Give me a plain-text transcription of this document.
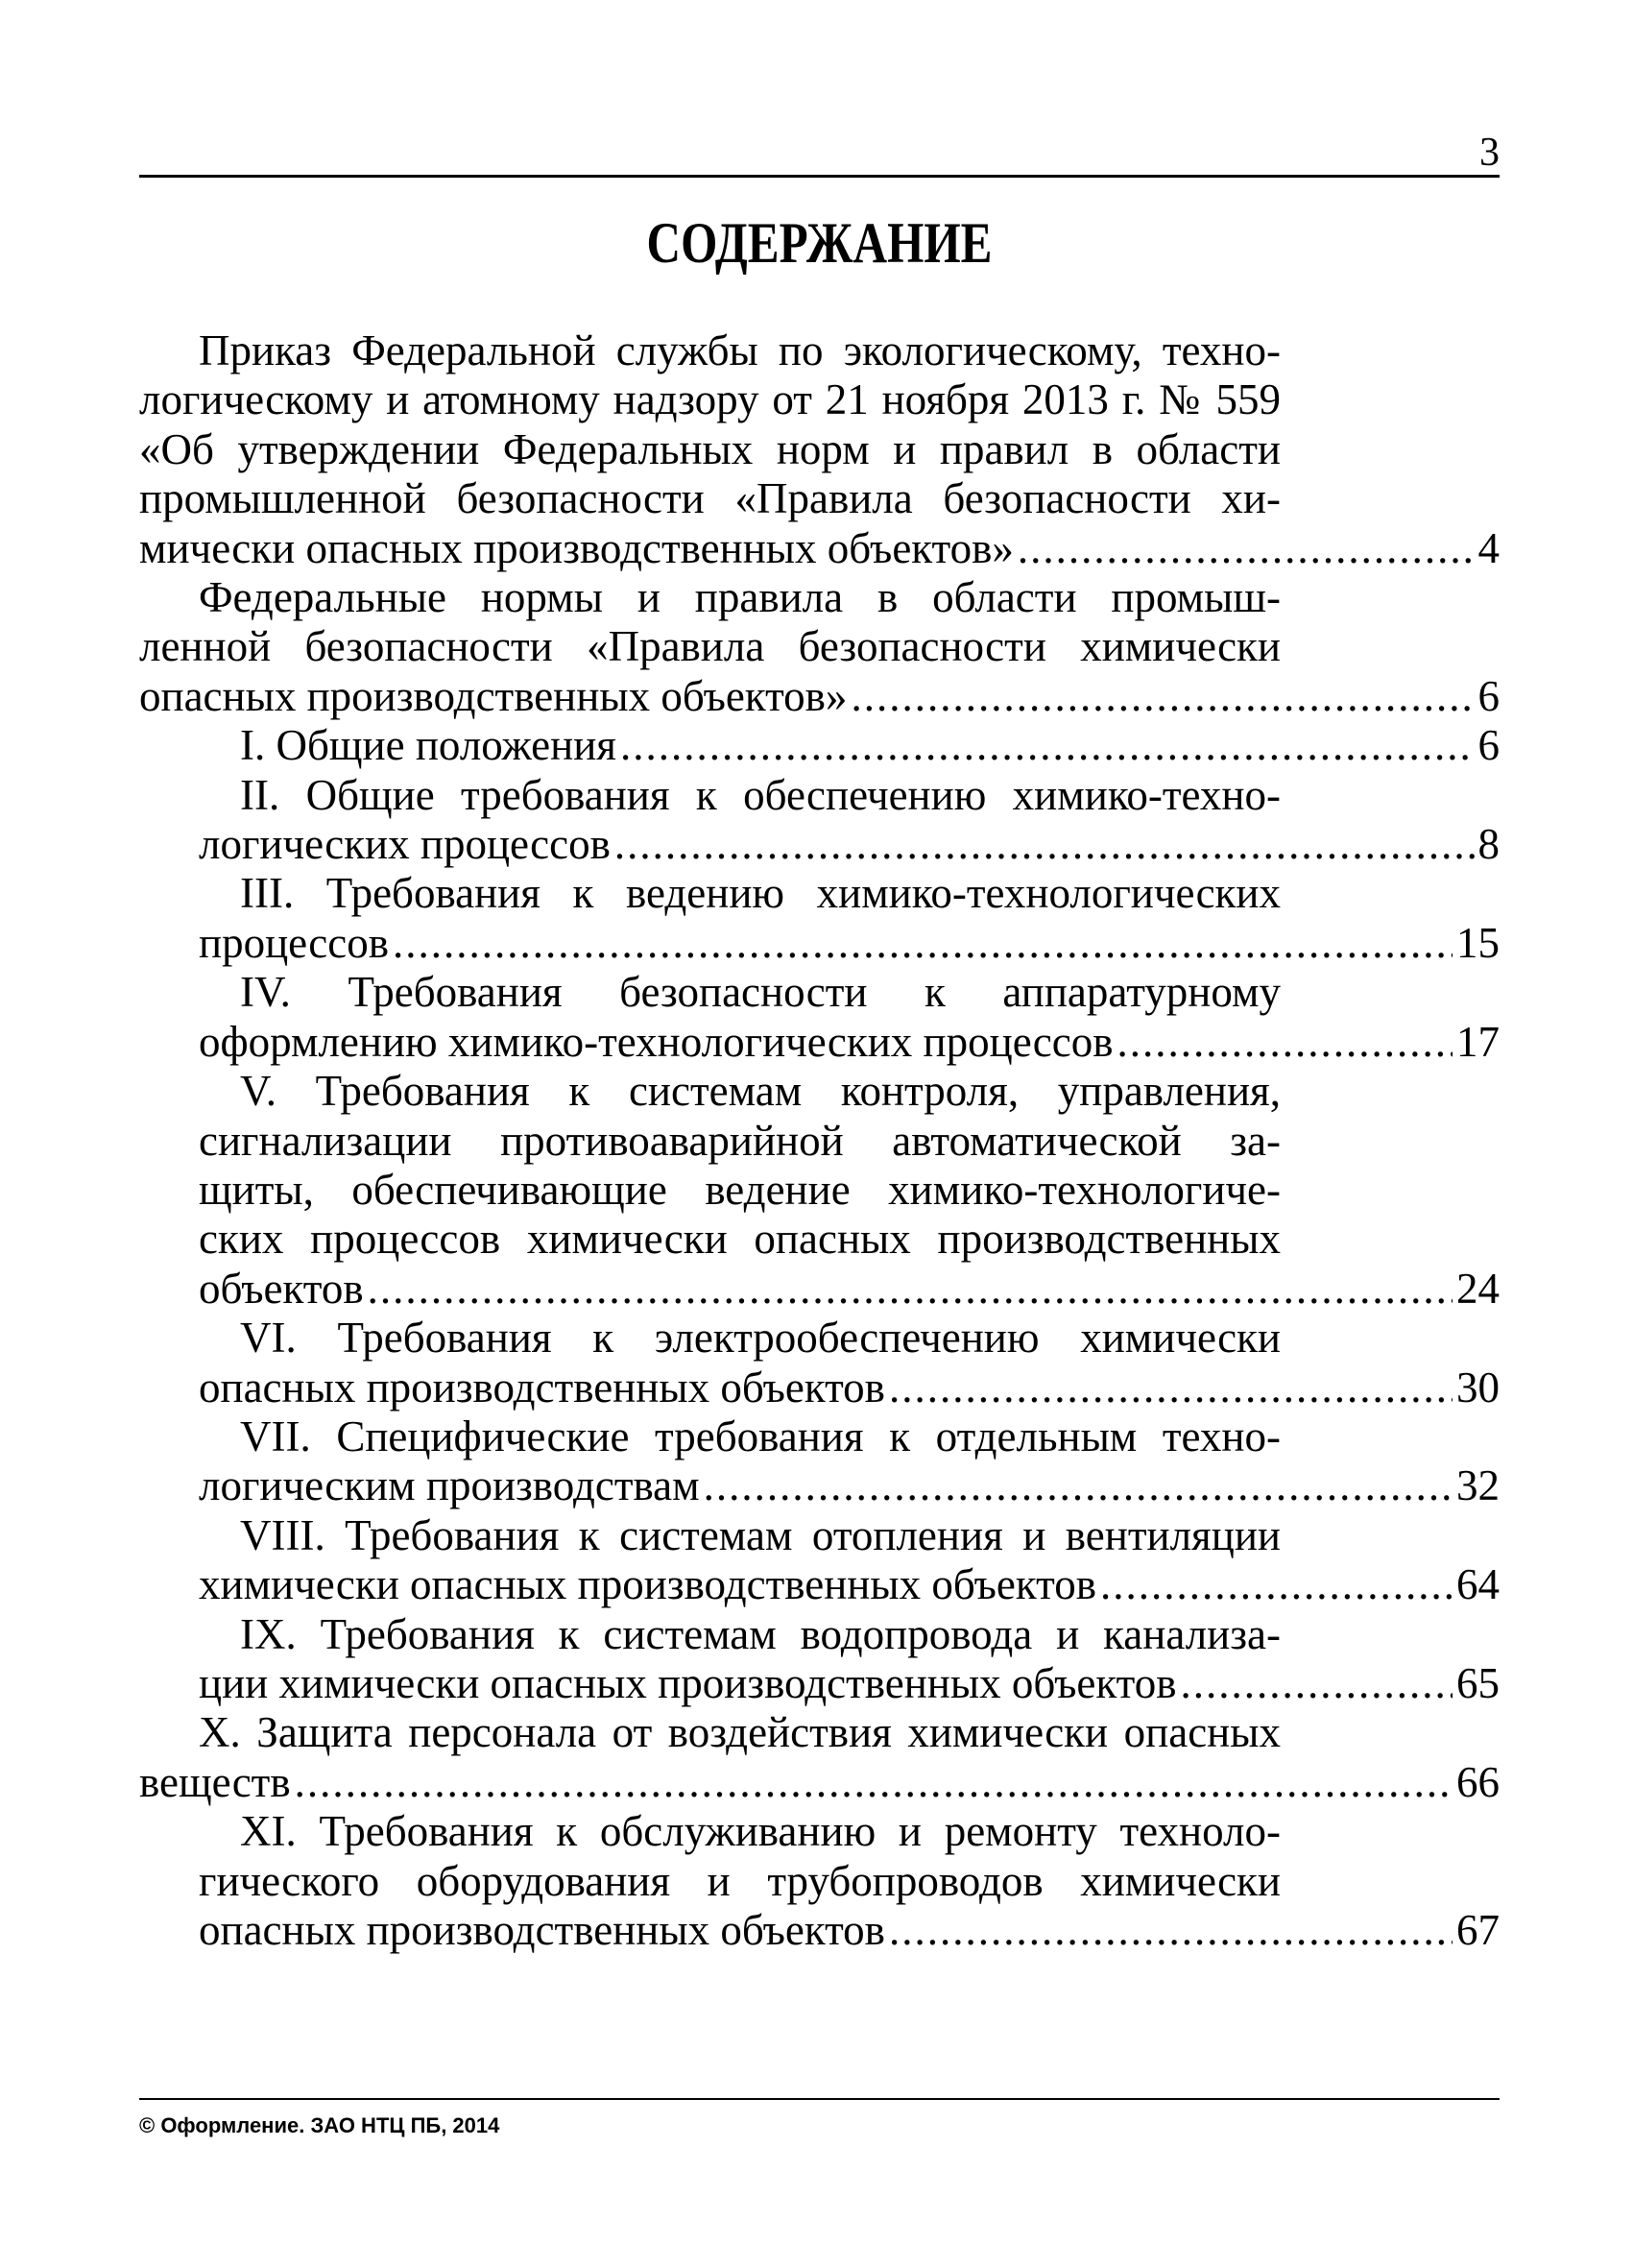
3
СОДЕРЖАНИЕ
Приказ Федеральной службы по экологическому, техно-
логическому и атомному надзору от 21 ноября 2013 г. № 559
«Об утверждении Федеральных норм и правил в области
промышленной безопасности «Правила безопасности хи-
мически опасных производственных объектов» .....	4
Федеральные нормы и правила в области промыш-
ленной безопасности «Правила безопасности химически
опасных производственных объектов» .....	6
I. Общие положения .....	6
II. Общие требования к обеспечению химико-техно-
логических процессов .....	8
III. Требования к ведению химико-технологических
процессов .....	15
IV. Требования безопасности к аппаратурному
оформлению химико-технологических процессов .....	17
V. Требования к системам контроля, управления,
сигнализации противоаварийной автоматической за-
щиты, обеспечивающие ведение химико-технологиче-
ских процессов химически опасных производственных
объектов .....	24
VI. Требования к электрообеспечению химически
опасных производственных объектов .....	30
VII. Специфические требования к отдельным техно-
логическим производствам .....	32
VIII. Требования к системам отопления и вентиляции
химически опасных производственных объектов .....	64
IX. Требования к системам водопровода и канализа-
ции химически опасных производственных объектов .....	65
X. Защита персонала от воздействия химически опасных
веществ .....	66
XI. Требования к обслуживанию и ремонту техноло-
гического оборудования и трубопроводов химически
опасных производственных объектов .....	67
© Оформление. ЗАО НТЦ ПБ, 2014
